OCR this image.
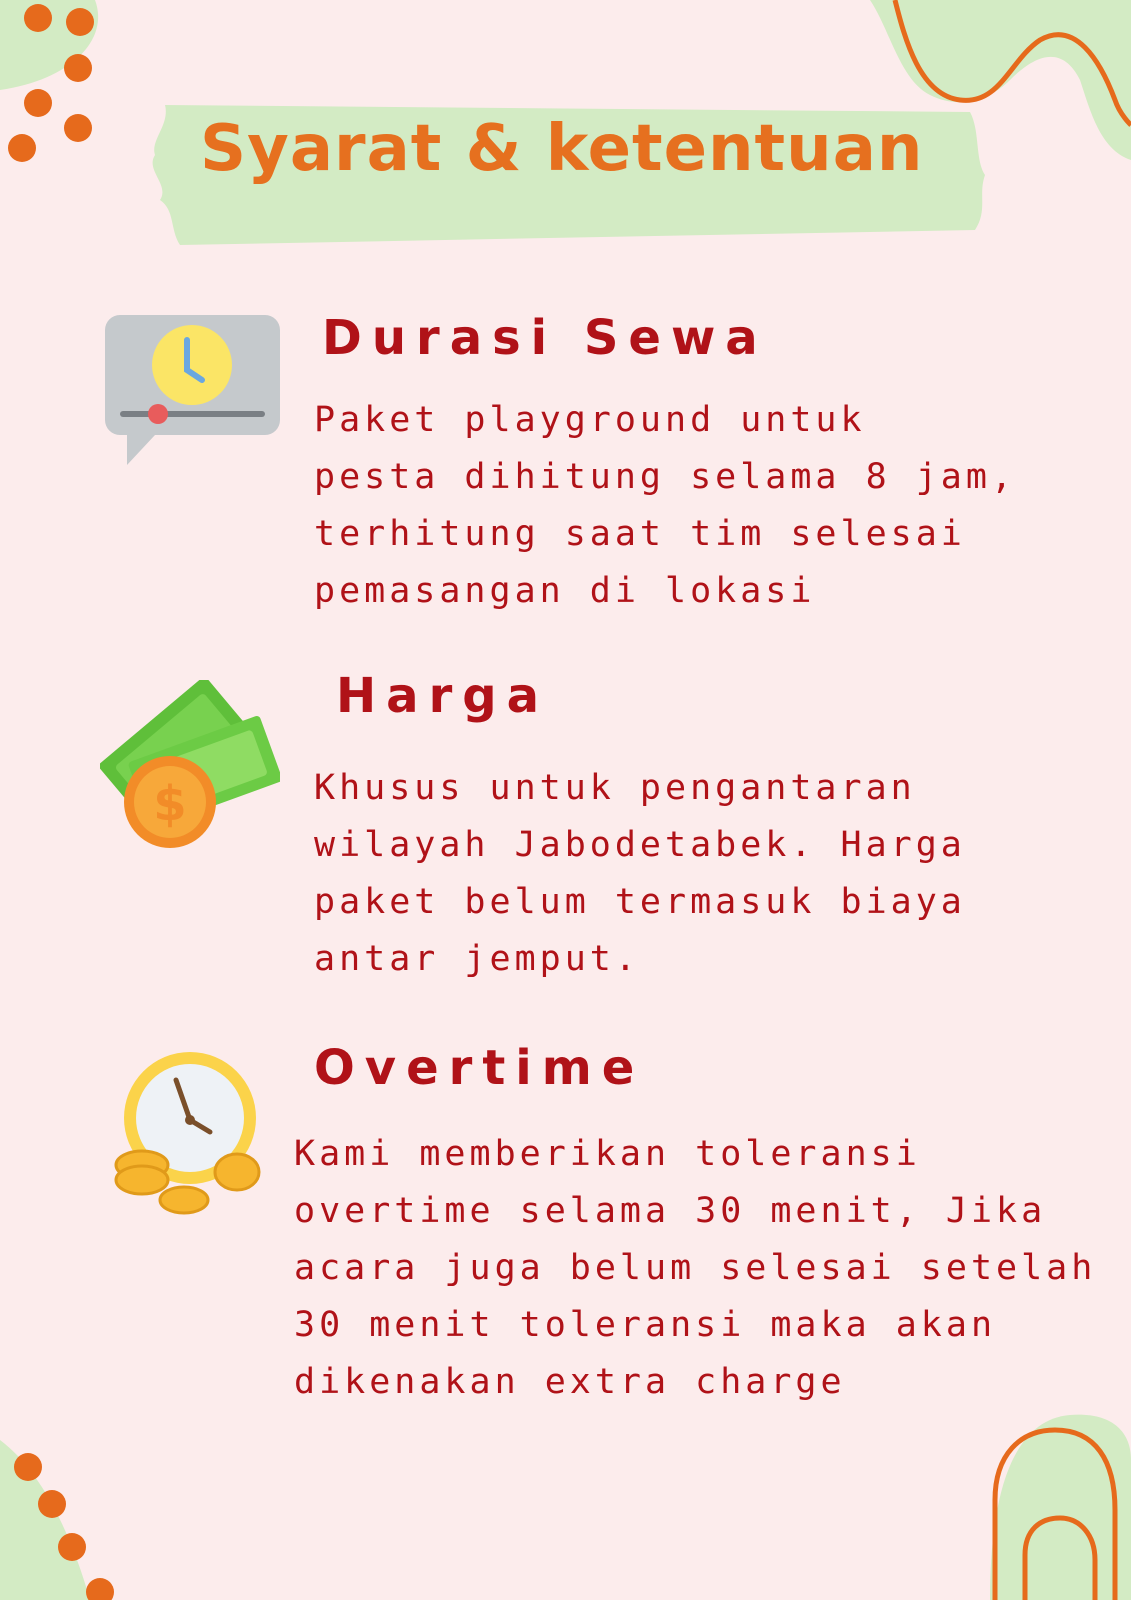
Syarat & ketentuan
Durasi Sewa
Paket playground untuk
pesta dihitung selama 8 jam,
terhitung saat tim selesai
pemasangan di lokasi
$
Harga
Khusus untuk pengantaran
wilayah Jabodetabek. Harga
paket belum termasuk biaya
antar jemput.
Overtime
Kami memberikan toleransi
overtime selama 30 menit, Jika
acara juga belum selesai setelah
30 menit toleransi maka akan
dikenakan extra charge
